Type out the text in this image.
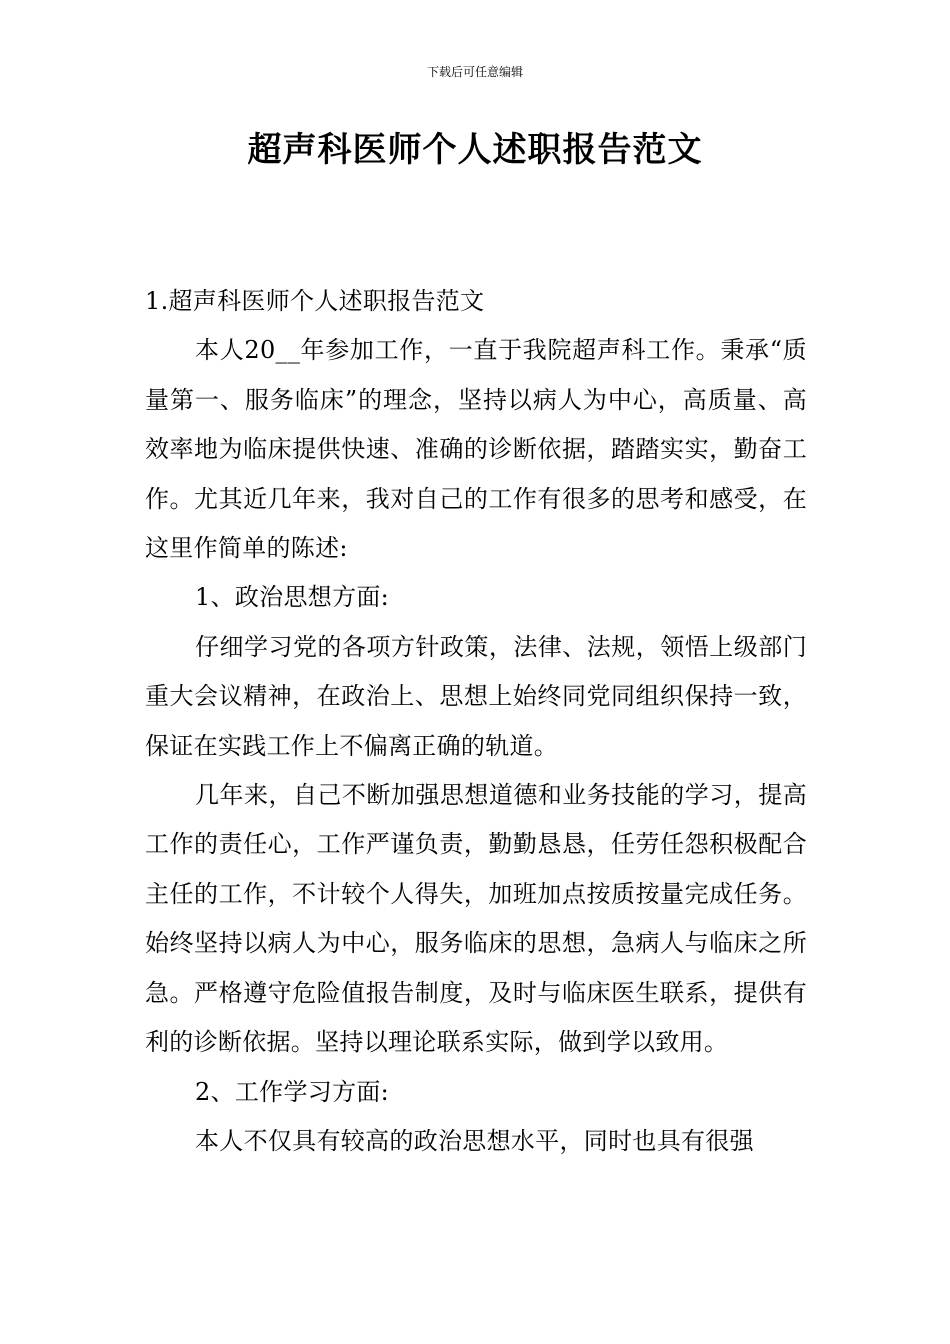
下载后可任意编辑
超声科医师个人述职报告范文

1.超声科医师个人述职报告范文

本人20__年参加工作，一直于我院超声科工作。秉承“质量第一、服务临床”的理念，坚持以病人为中心，高质量、高效率地为临床提供快速、准确的诊断依据，踏踏实实，勤奋工作。尤其近几年来，我对自己的工作有很多的思考和感受，在这里作简单的陈述:

1、政治思想方面:

仔细学习党的各项方针政策，法律、法规，领悟上级部门重大会议精神，在政治上、思想上始终同党同组织保持一致，保证在实践工作上不偏离正确的轨道。

几年来，自己不断加强思想道德和业务技能的学习，提高工作的责任心，工作严谨负责，勤勤恳恳，任劳任怨积极配合主任的工作，不计较个人得失，加班加点按质按量完成任务。始终坚持以病人为中心，服务临床的思想，急病人与临床之所急。严格遵守危险值报告制度，及时与临床医生联系，提供有利的诊断依据。坚持以理论联系实际，做到学以致用。

2、工作学习方面:

本人不仅具有较高的政治思想水平，同时也具有很强
